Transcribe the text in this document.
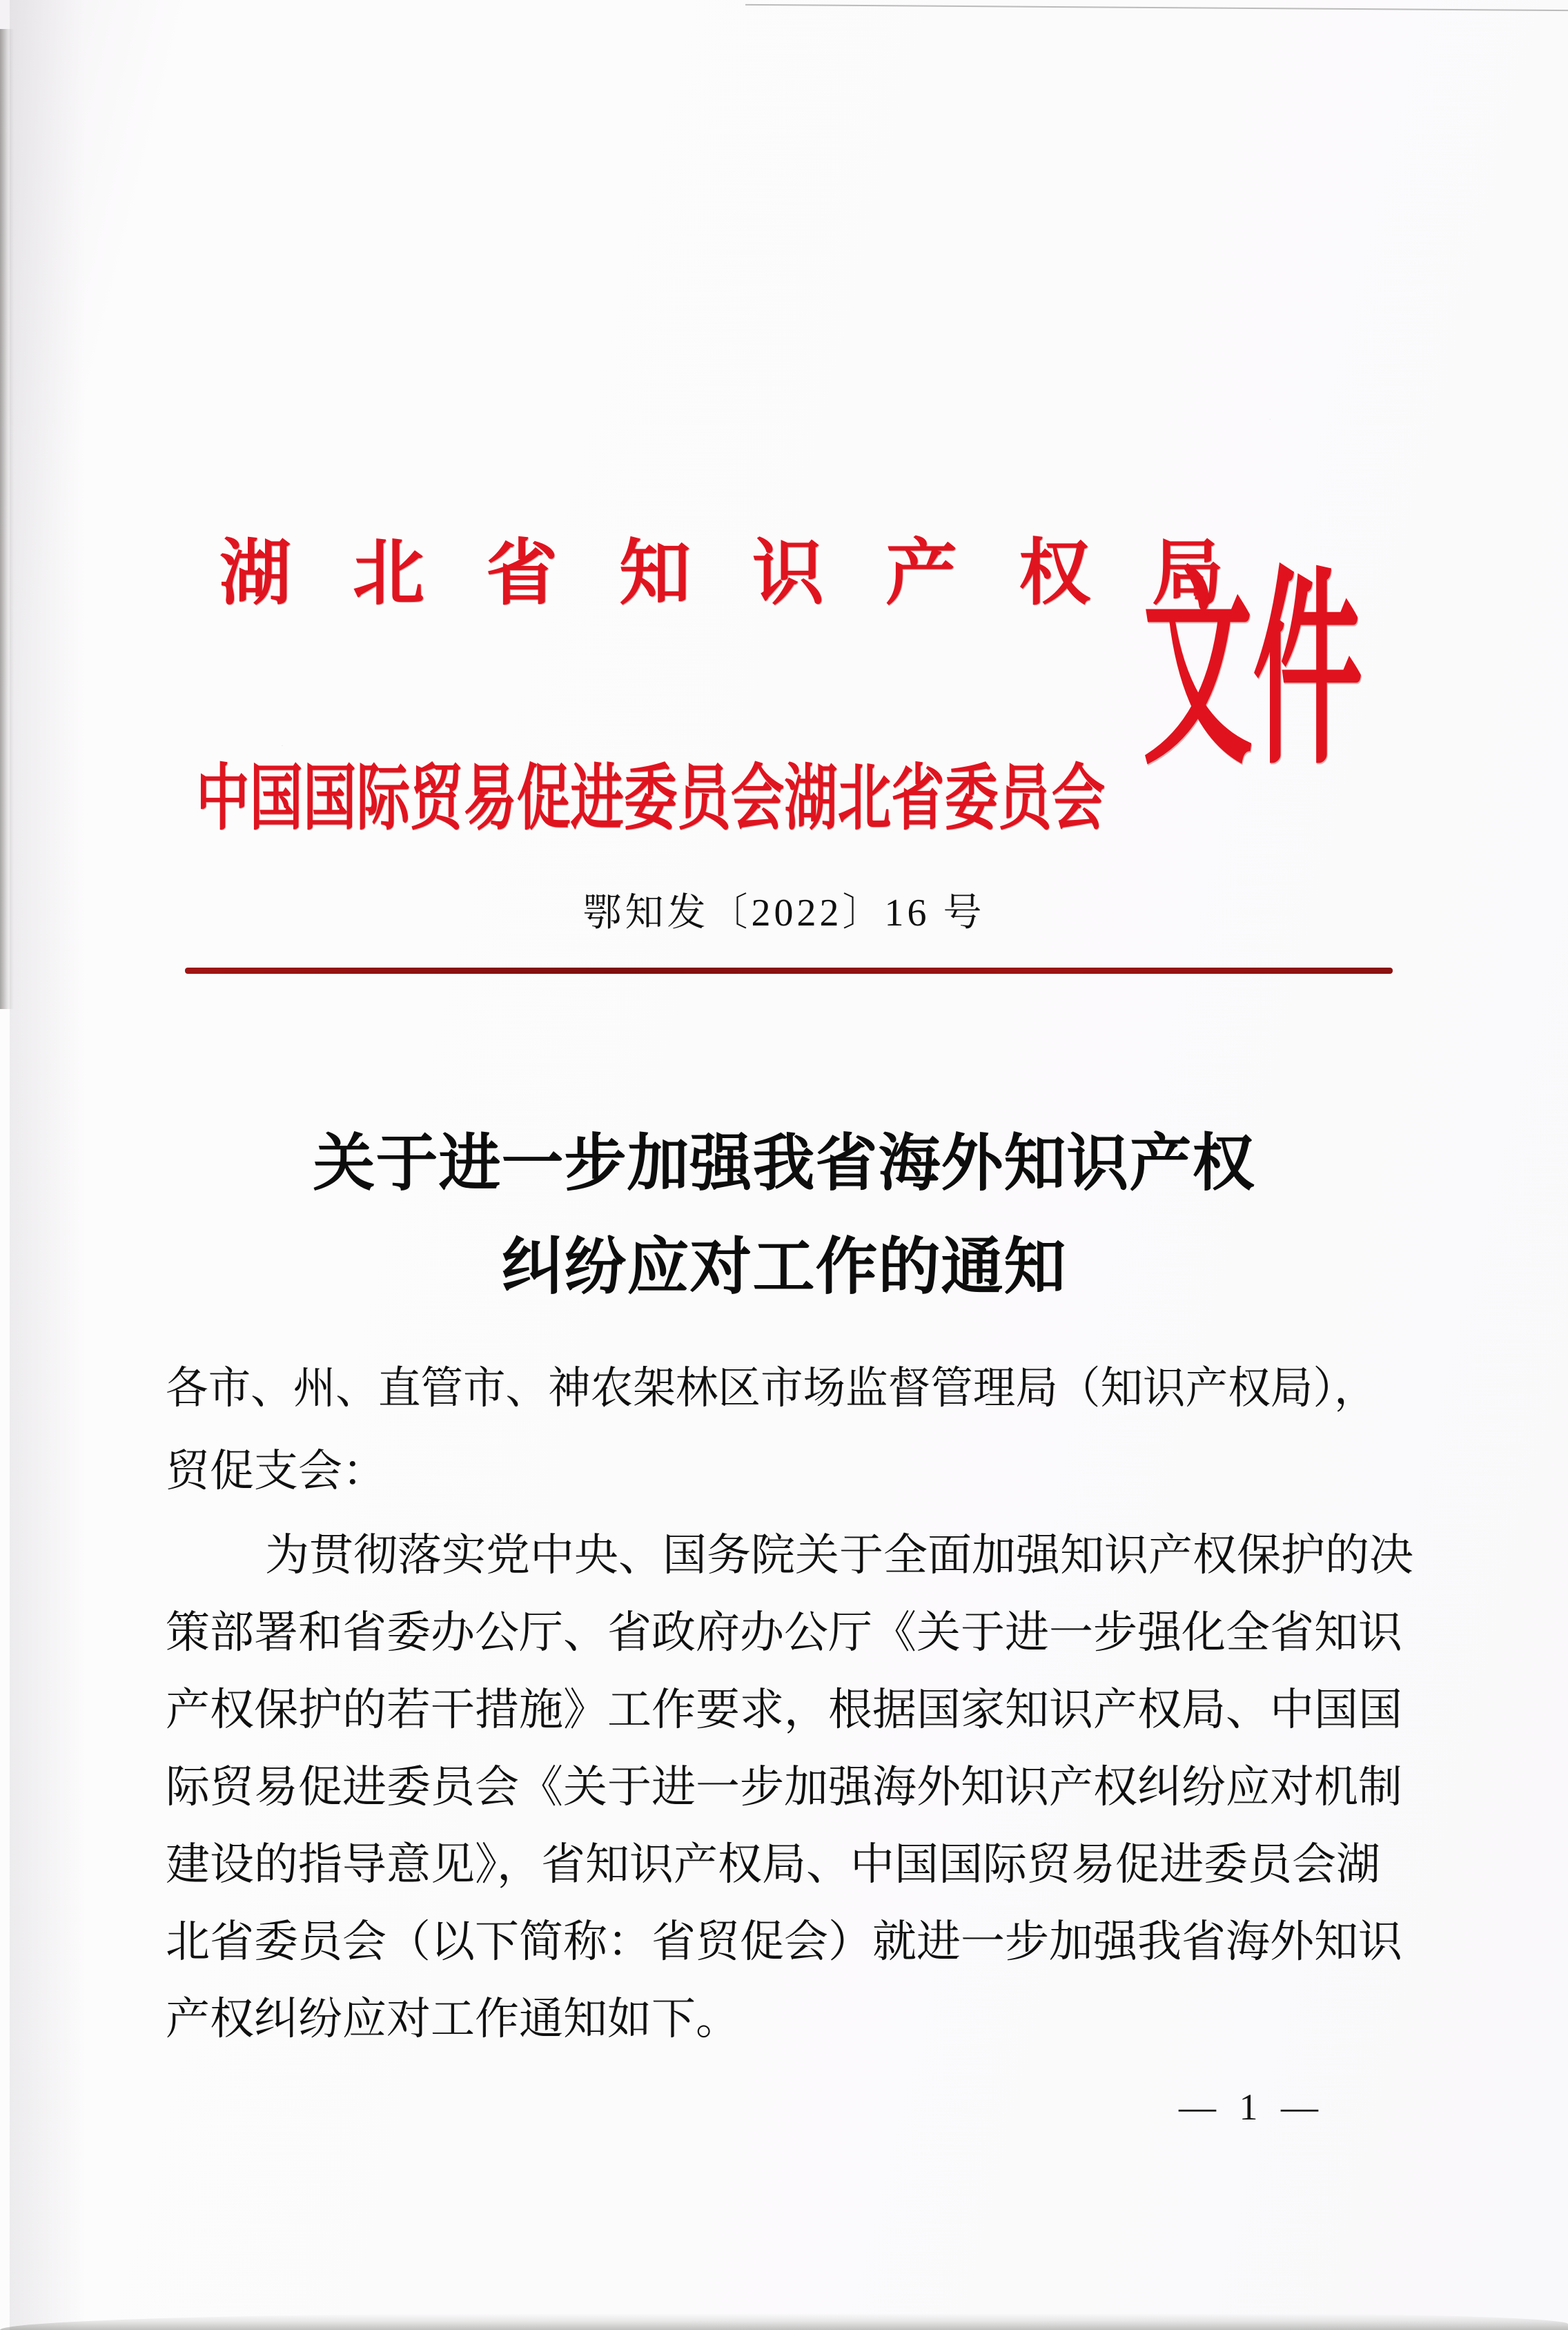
湖北省知识产权局
中国国际贸易促进委员会湖北省委员会
文件
鄂知发〔2022〕16 号
关于进一步加强我省海外知识产权
纠纷应对工作的通知
各市、州、直管市、神农架林区市场监督管理局（知识产权局），
贸促支会：
为贯彻落实党中央、国务院关于全面加强知识产权保护的决
策部署和省委办公厅、省政府办公厅《关于进一步强化全省知识
产权保护的若干措施》工作要求，根据国家知识产权局、中国国
际贸易促进委员会《关于进一步加强海外知识产权纠纷应对机制
建设的指导意见》，省知识产权局、中国国际贸易促进委员会湖
北省委员会（以下简称：省贸促会）就进一步加强我省海外知识
产权纠纷应对工作通知如下。
— 1 —
